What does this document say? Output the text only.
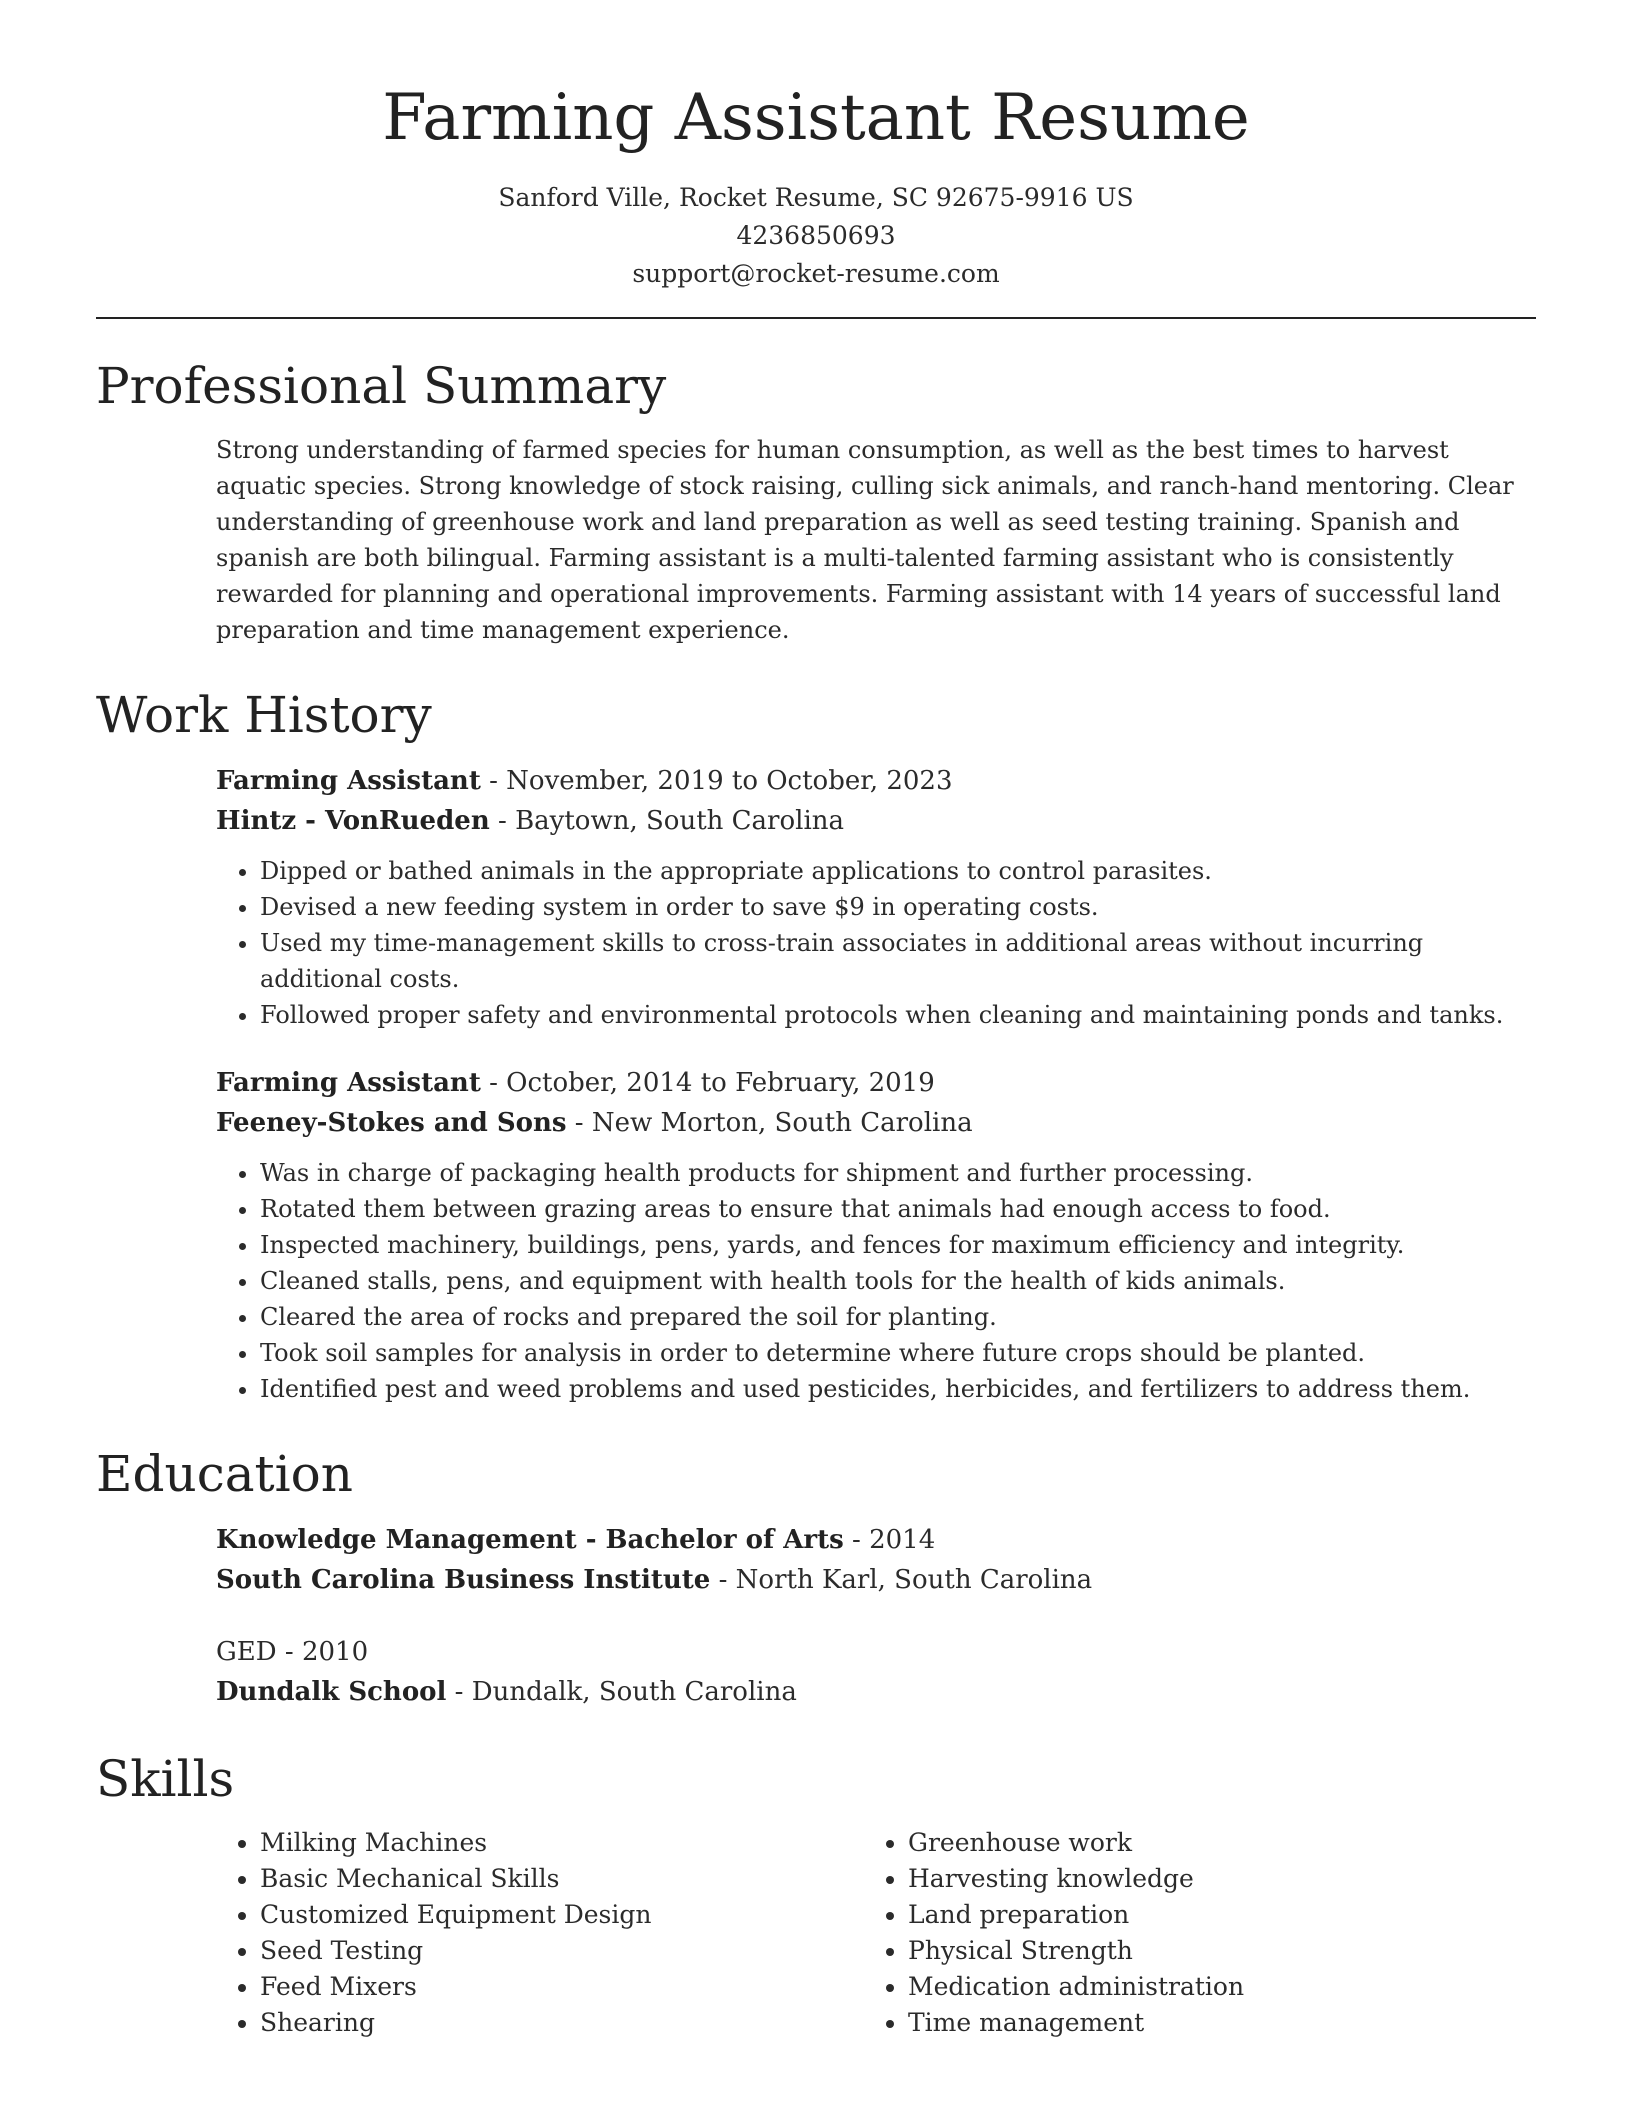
Farming Assistant Resume
Sanford Ville, Rocket Resume, SC 92675-9916 US
4236850693
support@rocket-resume.com
Professional Summary

Strong understanding of farmed species for human consumption, as well as the best times to harvest aquatic species. Strong knowledge of stock raising, culling sick animals, and ranch-hand mentoring. Clear understanding of greenhouse work and land preparation as well as seed testing training. Spanish and spanish are both bilingual. Farming assistant is a multi-talented farming assistant who is consistently rewarded for planning and operational improvements. Farming assistant with 14 years of successful land preparation and time management experience.

Work History
Farming Assistant - November, 2019 to October, 2023
Hintz - VonRueden - Baytown, South Carolina
• Dipped or bathed animals in the appropriate applications to control parasites.
• Devised a new feeding system in order to save $9 in operating costs.
• Used my time-management skills to cross-train associates in additional areas without incurring additional costs.
• Followed proper safety and environmental protocols when cleaning and maintaining ponds and tanks.
Farming Assistant - October, 2014 to February, 2019
Feeney-Stokes and Sons - New Morton, South Carolina
• Was in charge of packaging health products for shipment and further processing.
• Rotated them between grazing areas to ensure that animals had enough access to food.
• Inspected machinery, buildings, pens, yards, and fences for maximum efficiency and integrity.
• Cleaned stalls, pens, and equipment with health tools for the health of kids animals.
• Cleared the area of rocks and prepared the soil for planting.
• Took soil samples for analysis in order to determine where future crops should be planted.
• Identified pest and weed problems and used pesticides, herbicides, and fertilizers to address them.
Education
Knowledge Management - Bachelor of Arts - 2014
South Carolina Business Institute - North Karl, South Carolina
GED - 2010
Dundalk School - Dundalk, South Carolina
Skills
• Milking Machines
• Basic Mechanical Skills
• Customized Equipment Design
• Seed Testing
• Feed Mixers
• Shearing
• Greenhouse work
• Harvesting knowledge
• Land preparation
• Physical Strength
• Medication administration
• Time management
